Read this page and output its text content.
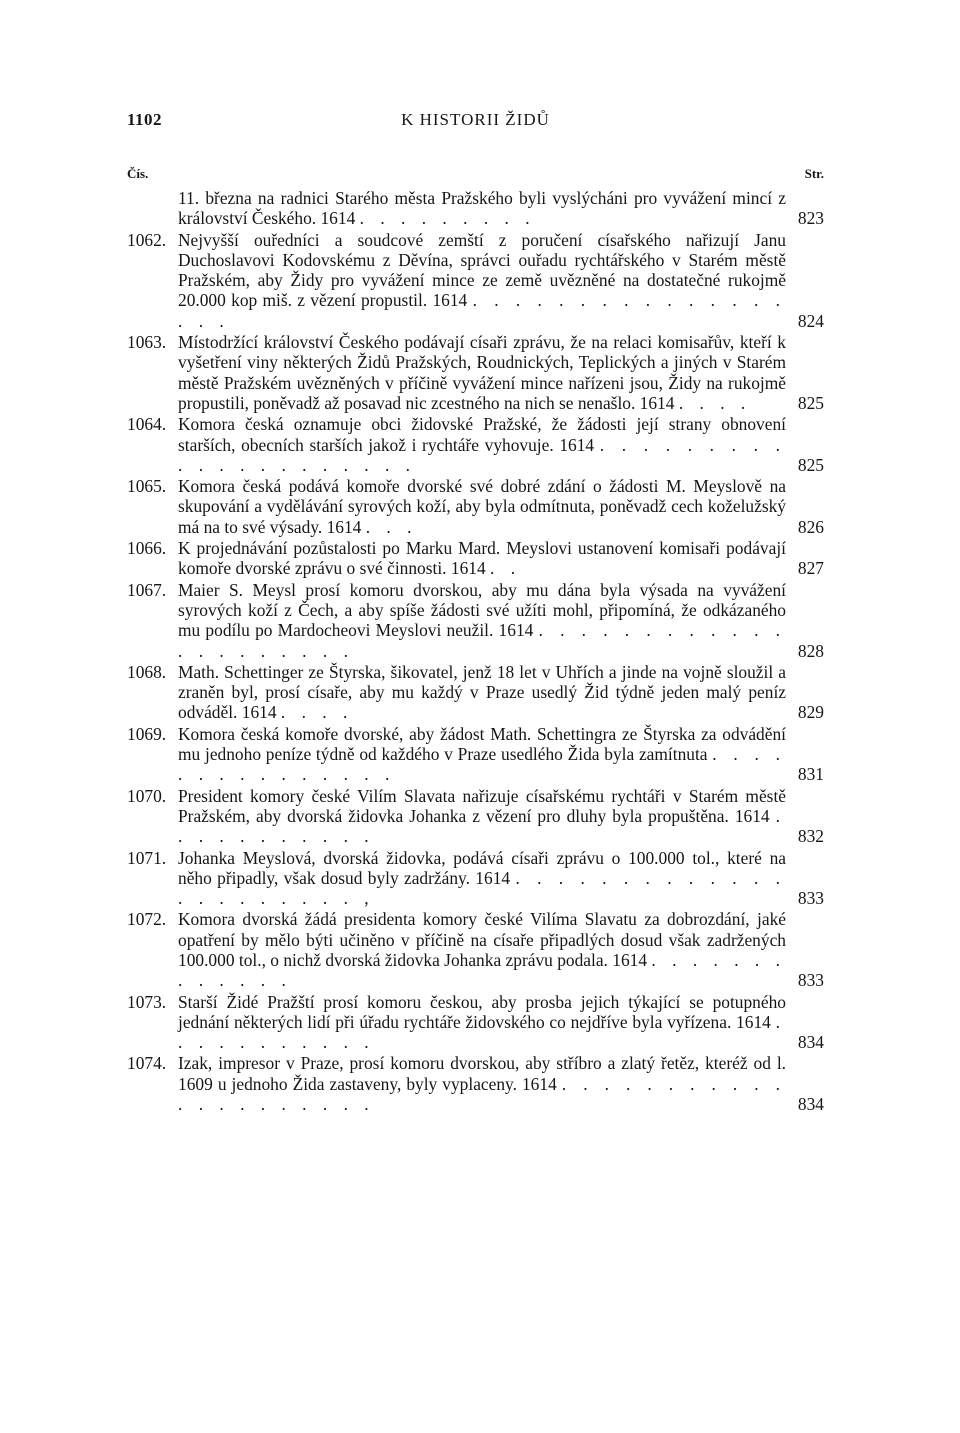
1102	K HISTORII ŽIDŮ
Čís.	Str.
11. března na radnici Starého města Pražského byli vyslýcháni pro vyvážení mincí z království Českého. 1614 . . . . . . . . .	823
1062. Nejvyšší ouředníci a soudcové zemští z poručení císařského nařizují Janu Duchoslavovi Kodovskému z Děvína, správci ouřadu rychtářského v Starém městě Pražském, aby Židy pro vyvážení mince ze země uvězněné na dostatečné rukojmě 20.000 kop miš. z vězení propustil. 1614 . . . . . . . . . . . . . . . . . .	824
1063. Místodržící království Českého podávají císaři zprávu, že na relaci komisařův, kteří k vyšetření viny některých Židů Pražských, Roudnických, Teplických a jiných v Starém městě Pražském uvězněných v příčině vyvážení mince nařízeni jsou, Židy na rukojmě propustili, poněvadž až posavad nic zcestného na nich se nenašlo. 1614 . . . .	825
1064. Komora česká oznamuje obci židovské Pražské, že žádosti její strany obnovení starších, obecních starších jakož i rychtáře vyhovuje. 1614 . . . . . . . . . . . . . . . . . . . . .	825
1065. Komora česká podává komoře dvorské své dobré zdání o žádosti M. Meyslově na skupování a vydělávání syrových koží, aby byla odmítnuta, poněvadž cech koželužský má na to své výsady. 1614 . . .	826
1066. K projednávání pozůstalosti po Marku Mard. Meyslovi ustanovení komisaři podávají komoře dvorské zprávu o své činnosti. 1614 . .	827
1067. Maier S. Meysl prosí komoru dvorskou, aby mu dána byla výsada na vyvážení syrových koží z Čech, a aby spíše žádosti své užíti mohl, připomíná, že odkázaného mu podílu po Mardocheovi Meyslovi neužil. 1614 . . . . . . . . . . . . . . . . . . . . .	828
1068. Math. Schettinger ze Štyrska, šikovatel, jenž 18 let v Uhřích a jinde na vojně sloužil a zraněn byl, prosí císaře, aby mu každý v Praze usedlý Žid týdně jeden malý peníz odváděl. 1614 . . . .	829
1069. Komora česká komoře dvorské, aby žádost Math. Schettingra ze Štyrska za odvádění mu jednoho peníze týdně od každého v Praze usedlého Žida byla zamítnuta . . . . . . . . . . . . . . .	831
1070. President komory české Vilím Slavata nařizuje císařskému rychtáři v Starém městě Pražském, aby dvorská židovka Johanka z vězení pro dluhy byla propuštěna. 1614 . . . . . . . . . . .	832
1071. Johanka Meyslová, dvorská židovka, podává císaři zprávu o 100.000 tol., které na něho připadly, však dosud byly zadržány. 1614 . . . . . . . . . . . . . . . . . . . . . . ,	833
1072. Komora dvorská žádá presidenta komory české Vilíma Slavatu za dobrozdání, jaké opatření by mělo býti učiněno v příčině na císaře připadlých dosud však zadržených 100.000 tol., o nichž dvorská židovka Johanka zprávu podala. 1614 . . . . . . . . . . . . .	833
1073. Starší Židé Pražští prosí komoru českou, aby prosba jejich týkající se potupného jednání některých lidí při úřadu rychtáře židovského co nejdříve byla vyřízena. 1614 . . . . . . . . . . .	834
1074. Izak, impresor v Praze, prosí komoru dvorskou, aby stříbro a zlatý řetěz, kteréž od l. 1609 u jednoho Žida zastaveny, byly vyplaceny. 1614 . . . . . . . . . . . . . . . . . . . . .	834
